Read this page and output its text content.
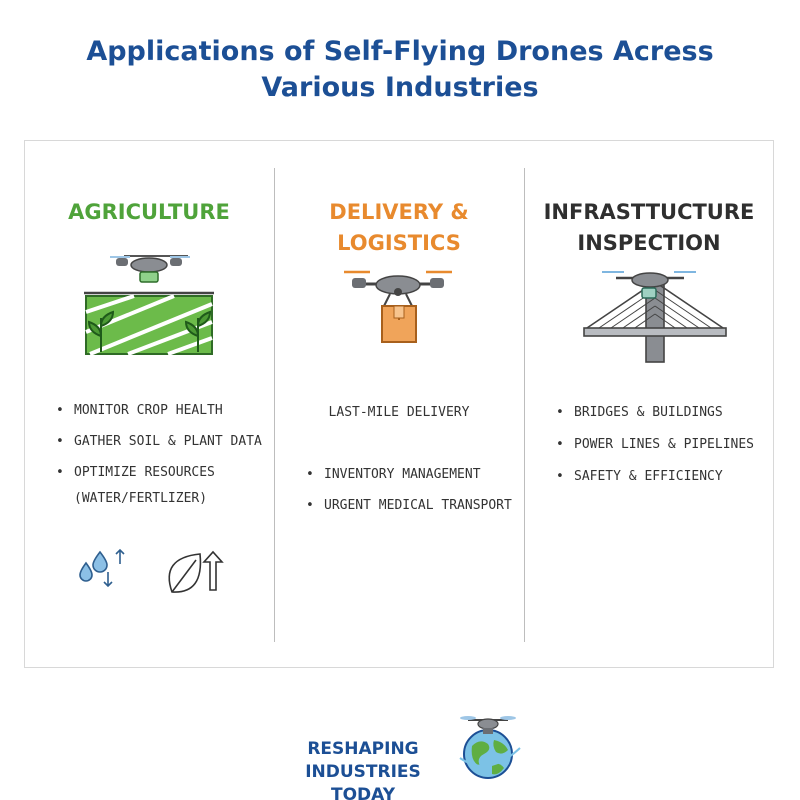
Applications of Self-Flying Drones Acress
Various Industries
AGRICULTURE
• MONITOR CROP HEALTH
• GATHER SOIL & PLANT DATA
• OPTIMIZE RESOURCES
(WATER/FERTLIZER)
DELIVERY &
LOGISTICS
LAST-MILE DELIVERY
• INVENTORY MANAGEMENT
• URGENT MEDICAL TRANSPORT
INFRASTTUCTURE
INSPECTION
• BRIDGES & BUILDINGS
• POWER LINES & PIPELINES
• SAFETY & EFFICIENCY
RESHAPING INDUSTRIES
TODAY
